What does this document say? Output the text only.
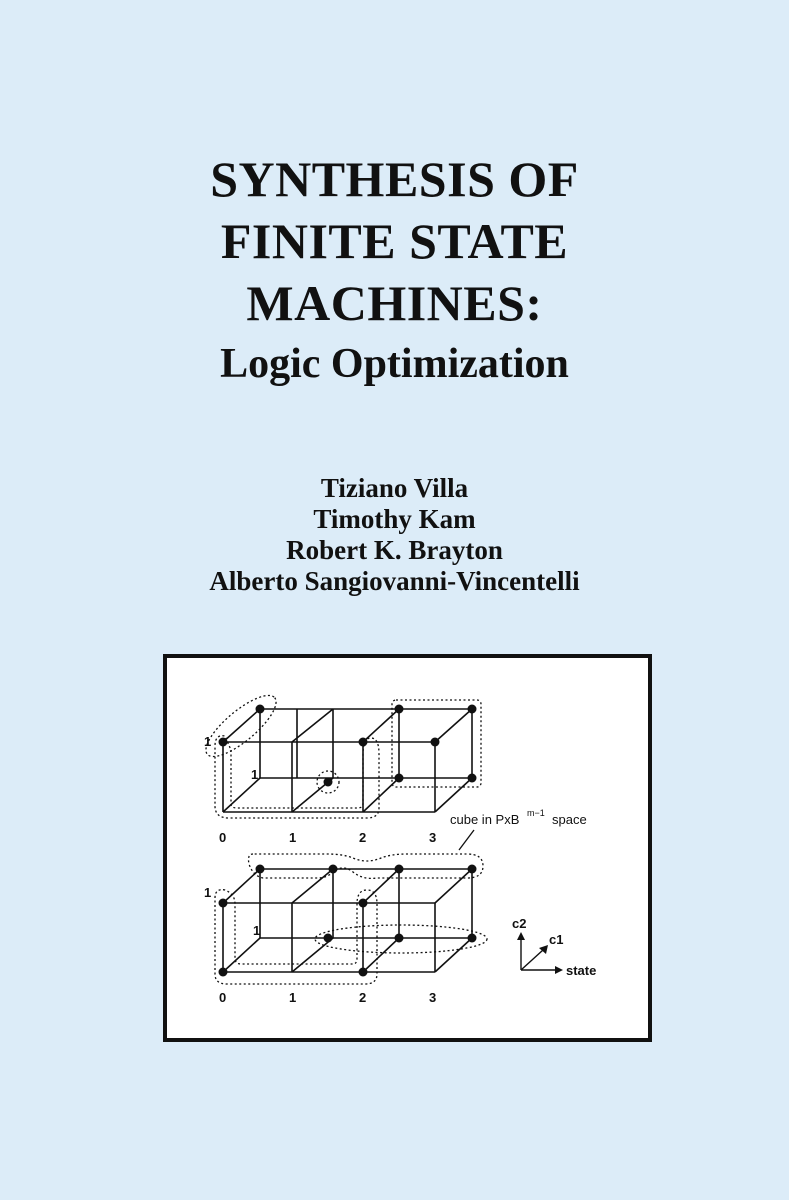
SYNTHESIS OF
FINITE STATE
MACHINES:
Logic Optimization
Tiziano Villa
Timothy Kam
Robert K. Brayton
Alberto Sangiovanni-Vincentelli
1
1
0	1	2	3
cube in PxB m−1 space
1
1
0	1	2	3
c2
c1
state
